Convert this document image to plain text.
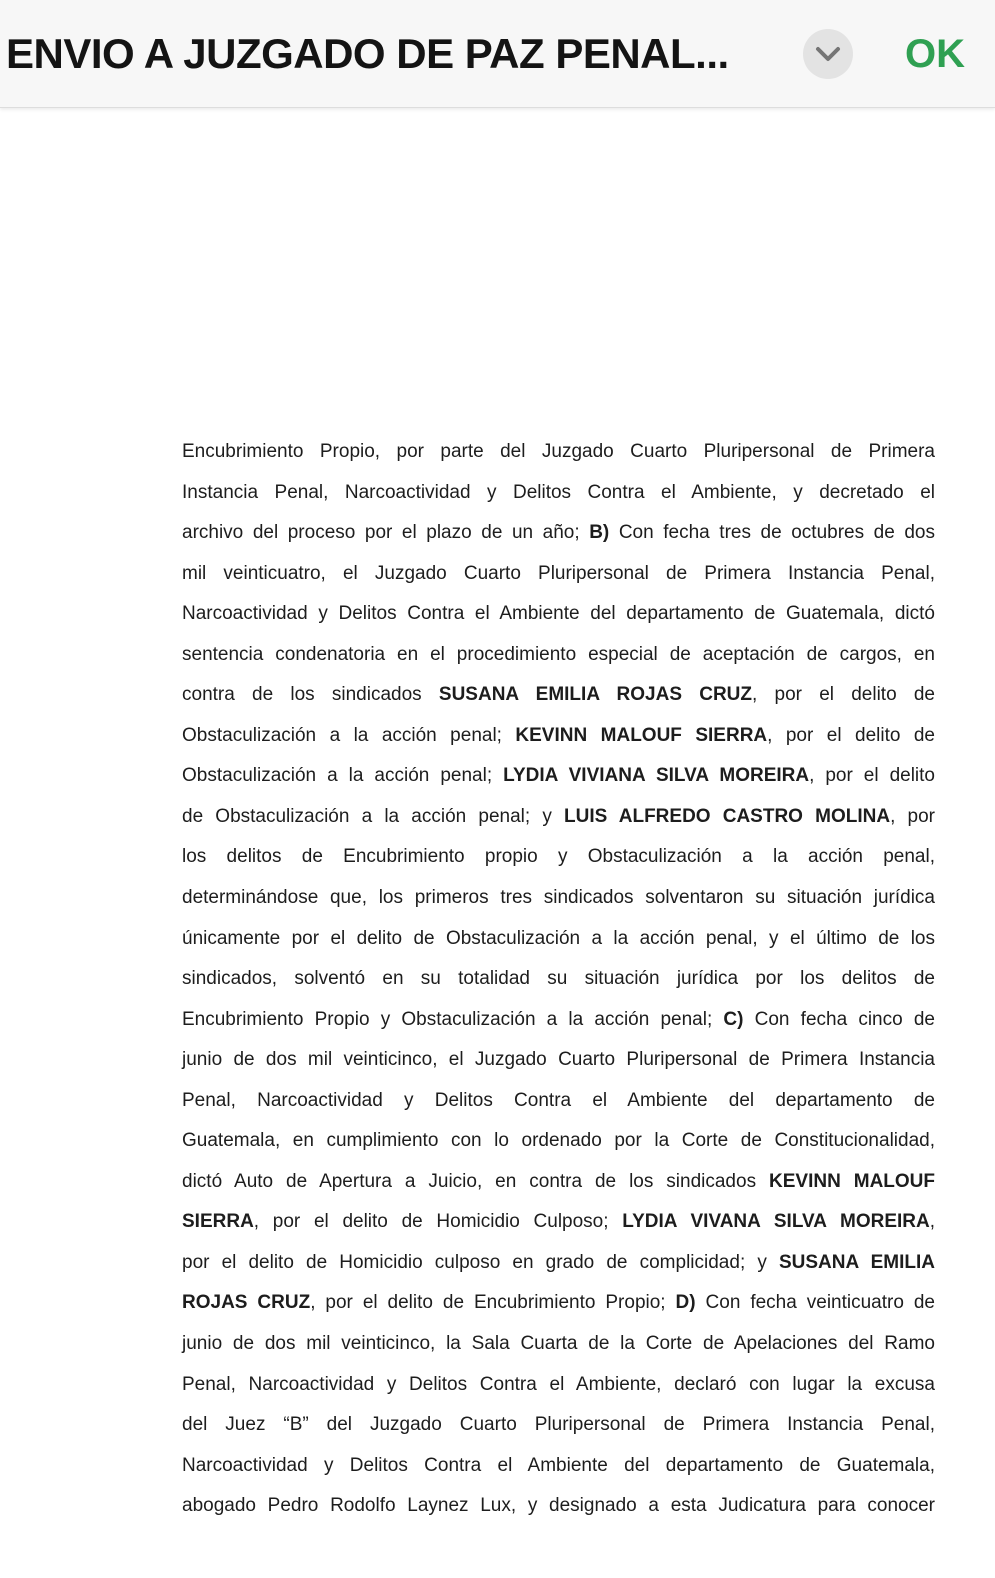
ENVIO A JUZGADO DE PAZ PENAL...	OK
Encubrimiento Propio, por parte del Juzgado Cuarto Pluripersonal de Primera
Instancia Penal, Narcoactividad y Delitos Contra el Ambiente, y decretado el
archivo del proceso por el plazo de un año; B) Con fecha tres de octubres de dos
mil veinticuatro, el Juzgado Cuarto Pluripersonal de Primera Instancia Penal,
Narcoactividad y Delitos Contra el Ambiente del departamento de Guatemala, dictó
sentencia condenatoria en el procedimiento especial de aceptación de cargos, en
contra de los sindicados SUSANA EMILIA ROJAS CRUZ, por el delito de
Obstaculización a la acción penal; KEVINN MALOUF SIERRA, por el delito de
Obstaculización a la acción penal; LYDIA VIVIANA SILVA MOREIRA, por el delito
de Obstaculización a la acción penal; y LUIS ALFREDO CASTRO MOLINA, por
los delitos de Encubrimiento propio y Obstaculización a la acción penal,
determinándose que, los primeros tres sindicados solventaron su situación jurídica
únicamente por el delito de Obstaculización a la acción penal, y el último de los
sindicados, solventó en su totalidad su situación jurídica por los delitos de
Encubrimiento Propio y Obstaculización a la acción penal; C) Con fecha cinco de
junio de dos mil veinticinco, el Juzgado Cuarto Pluripersonal de Primera Instancia
Penal, Narcoactividad y Delitos Contra el Ambiente del departamento de
Guatemala, en cumplimiento con lo ordenado por la Corte de Constitucionalidad,
dictó Auto de Apertura a Juicio, en contra de los sindicados KEVINN MALOUF
SIERRA, por el delito de Homicidio Culposo; LYDIA VIVANA SILVA MOREIRA,
por el delito de Homicidio culposo en grado de complicidad; y SUSANA EMILIA
ROJAS CRUZ, por el delito de Encubrimiento Propio; D) Con fecha veinticuatro de
junio de dos mil veinticinco, la Sala Cuarta de la Corte de Apelaciones del Ramo
Penal, Narcoactividad y Delitos Contra el Ambiente, declaró con lugar la excusa
del Juez “B” del Juzgado Cuarto Pluripersonal de Primera Instancia Penal,
Narcoactividad y Delitos Contra el Ambiente del departamento de Guatemala,
abogado Pedro Rodolfo Laynez Lux, y designado a esta Judicatura para conocer
